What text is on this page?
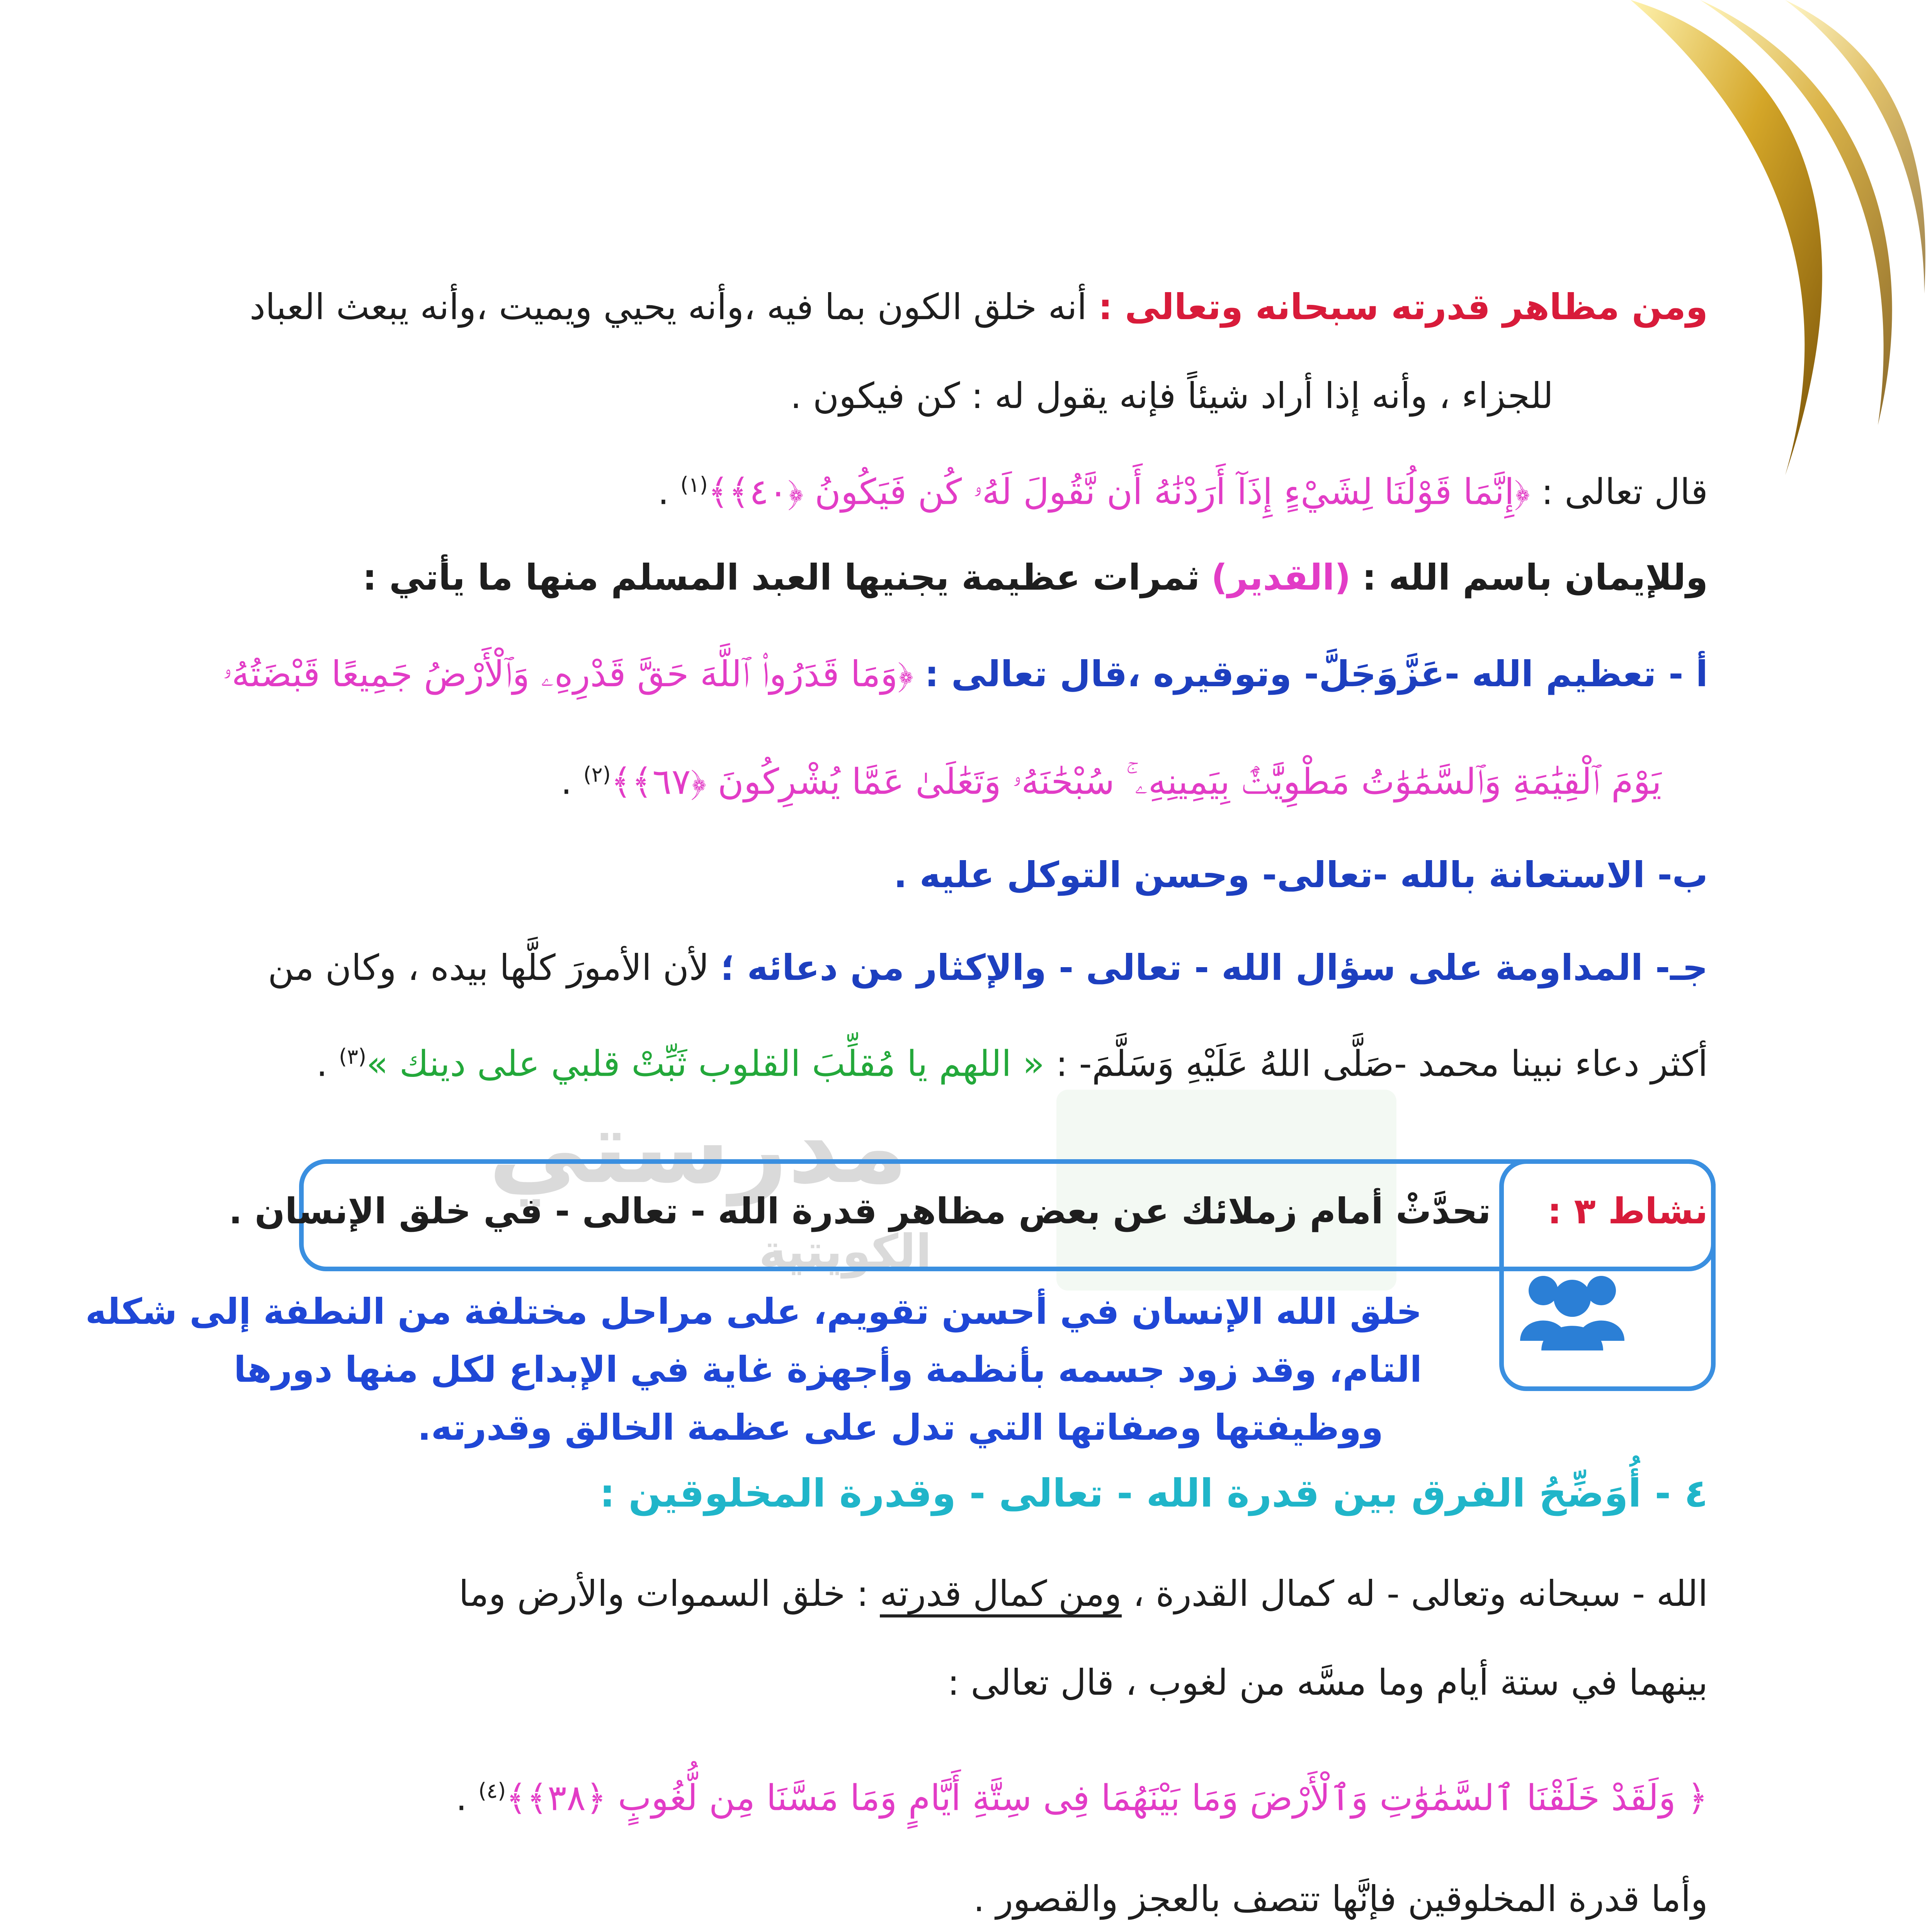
ومن مظاهر قدرته سبحانه وتعالى : أنه خلق الكون بما فيه ،وأنه يحيي ويميت ،وأنه يبعث العباد
للجزاء ، وأنه إذا أراد شيئاً فإنه يقول له : كن فيكون .
قال تعالى : ﴿إِنَّمَا قَوْلُنَا لِشَيْءٍ إِذَآ أَرَدْنَٰهُ أَن نَّقُولَ لَهُۥ كُن فَيَكُونُ ﴿٤٠﴾﴾$^{(١)}$ .
وللإيمان باسم الله : (القدير) ثمرات عظيمة يجنيها العبد المسلم منها ما يأتي :
أ - تعظيم الله -عَزَّوَجَلَّ- وتوقيره ،قال تعالى : ﴿وَمَا قَدَرُوا۟ ٱللَّهَ حَقَّ قَدْرِهِۦ وَٱلْأَرْضُ جَمِيعًا قَبْضَتُهُۥ
يَوْمَ ٱلْقِيَٰمَةِ وَٱلسَّمَٰوَٰتُ مَطْوِيَّٰتٌۢ بِيَمِينِهِۦ ۚ سُبْحَٰنَهُۥ وَتَعَٰلَىٰ عَمَّا يُشْرِكُونَ ﴿٦٧﴾﴾$^{(٢)}$ .
ب- الاستعانة بالله -تعالى- وحسن التوكل عليه .
جـ- المداومة على سؤال الله - تعالى - والإكثار من دعائه ؛ لأن الأمورَ كلَّها بيده ، وكان من
أكثر دعاء نبينا محمد -صَلَّى اللهُ عَلَيْهِ وَسَلَّمَ- : « اللهم يا مُقلِّبَ القلوب ثَبِّتْ قلبي على دينك »$^{(٣)}$ .
مدرستي
الكويتية
نشاط ٣ :     تحدَّثْ أمام زملائك عن بعض مظاهر قدرة الله - تعالى - في خلق الإنسان .
خلق الله الإنسان في أحسن تقويم، على مراحل مختلفة من النطفة إلى شكله
التام، وقد زود جسمه بأنظمة وأجهزة غاية في الإبداع لكل منها دورها
ووظيفتها وصفاتها التي تدل على عظمة الخالق وقدرته.
٤ - أُوَضِّحُ الفرق بين قدرة الله - تعالى - وقدرة المخلوقين :
الله - سبحانه وتعالى - له كمال القدرة ، ومن كمال قدرته : خلق السموات والأرض وما
بينهما في ستة أيام وما مسَّه من لغوب ، قال تعالى :
﴿ وَلَقَدْ خَلَقْنَا ٱلسَّمَٰوَٰتِ وَٱلْأَرْضَ وَمَا بَيْنَهُمَا فِى سِتَّةِ أَيَّامٍ وَمَا مَسَّنَا مِن لُّغُوبٍ ﴿٣٨﴾﴾$^{(٤)}$ .
وأما قدرة المخلوقين فإنَّها تتصف بالعجز والقصور .
